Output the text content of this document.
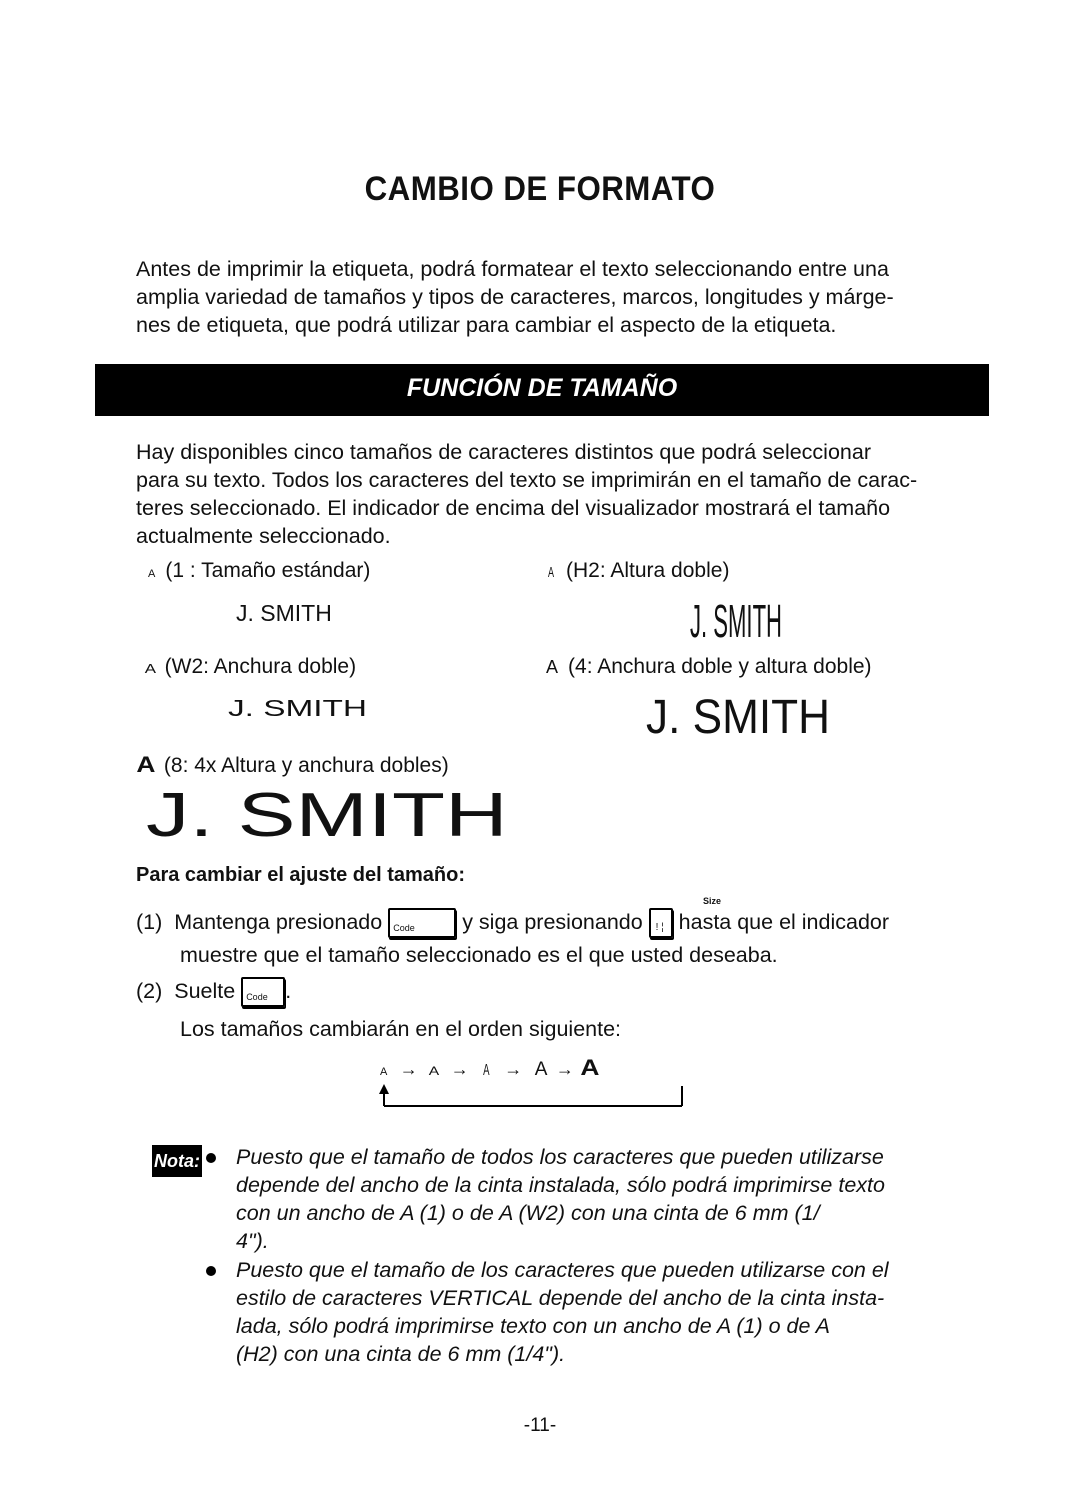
CAMBIO DE FORMATO
Antes de imprimir la etiqueta, podrá formatear el texto seleccionando entre una
amplia variedad de tamaños y tipos de caracteres, marcos, longitudes y márge-
nes de etiqueta, que podrá utilizar para cambiar el aspecto de la etiqueta.
FUNCIÓN DE TAMAÑO
Hay disponibles cinco tamaños de caracteres distintos que podrá seleccionar
para su texto. Todos los caracteres del texto se imprimirán en el tamaño de carac-
teres seleccionado. El indicador de encima del visualizador mostrará el tamaño
actualmente seleccionado.
A (1 : Tamaño estándar)
J. SMITH
A (H2: Altura doble)
J. SMITH
A (W2: Anchura doble)
J. SMITH
A (4: Anchura doble y altura doble)
J. SMITH
A (8: 4x Altura y anchura dobles)
J. SMITH
Para cambiar el ajuste del tamaño:
Size
(1) Mantenga presionado Code y siga presionando ! ¦ hasta que el indicador
muestre que el tamaño seleccionado es el que usted deseaba.
(2) Suelte Code .
Los tamaños cambiarán en el orden siguiente:
A → A → A → A → A
Nota: Puesto que el tamaño de todos los caracteres que pueden utilizarse
depende del ancho de la cinta instalada, sólo podrá imprimirse texto
con un ancho de A (1) o de A (W2) con una cinta de 6 mm (1/
4").
Puesto que el tamaño de los caracteres que pueden utilizarse con el
estilo de caracteres VERTICAL depende del ancho de la cinta insta-
lada, sólo podrá imprimirse texto con un ancho de A (1) o de A
(H2) con una cinta de 6 mm (1/4").
-11-
